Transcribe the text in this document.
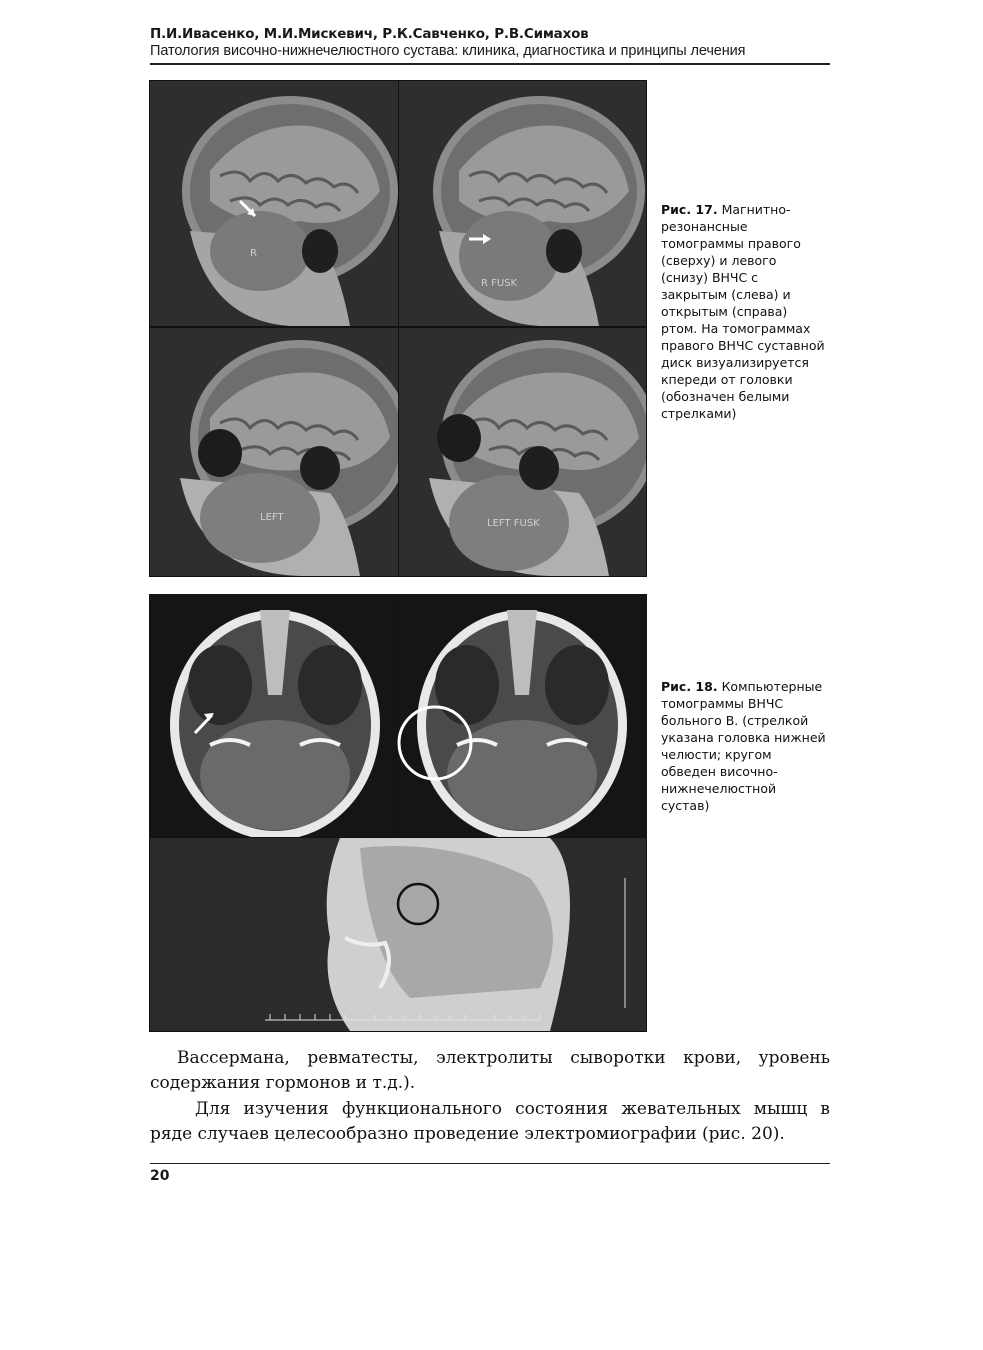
П.И.Ивасенко, М.И.Мискевич, Р.К.Савченко, Р.В.Симахов
Патология височно-нижнечелюстного сустава: клиника, диагностика и принципы лечения
R
R FUSK
LEFT
LEFT FUSK
Рис. 17. Магнитно-резонансные томограммы правого (сверху) и левого (снизу) ВНЧС с закрытым (слева) и открытым (справа) ртом. На томограммах правого ВНЧС суставной диск визуализируется кпереди от головки (обозначен белыми стрелками)
Рис. 18. Компьютерные томограммы ВНЧС больного В. (стрелкой указана головка нижней челюсти; кругом обведен височно-нижнечелюстной сустав)
Вассермана, ревматесты, электролиты сыворотки крови, уровень содержания гормонов и т.д.).
Для изучения функционального состояния жевательных мышц в ряде случаев целесообразно проведение электромиографии (рис. 20).
20
